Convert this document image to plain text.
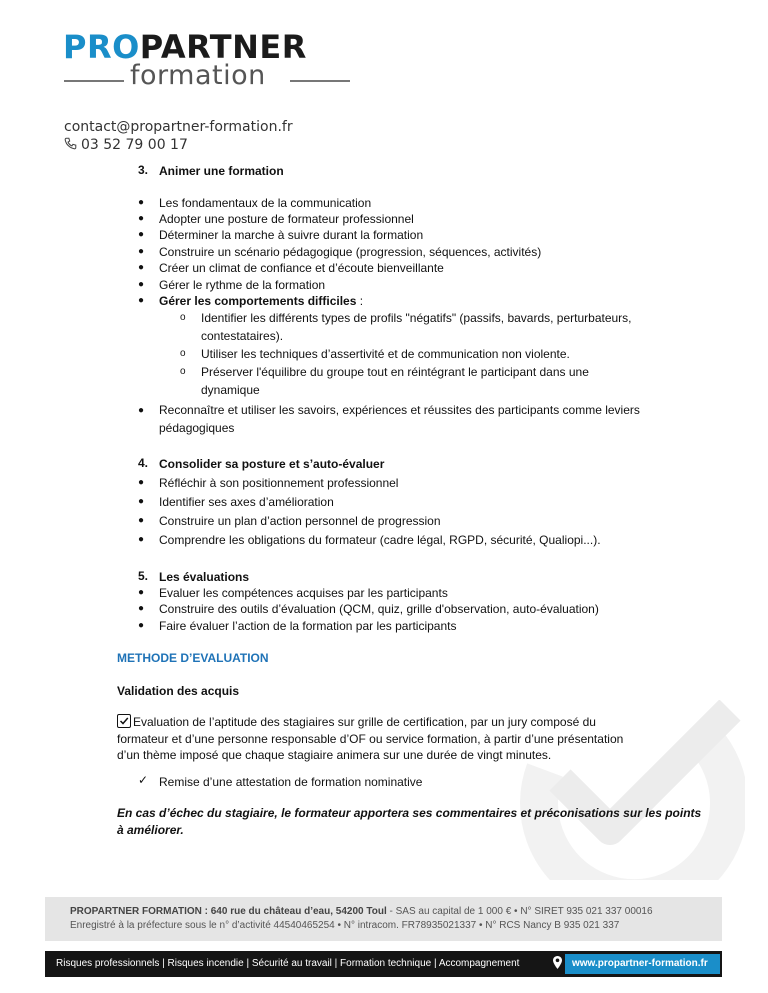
PROPARTNER
formation
contact@propartner-formation.fr
03 52 79 00 17
3. Animer une formation
● Les fondamentaux de la communication
● Adopter une posture de formateur professionnel
● Déterminer la marche à suivre durant la formation
● Construire un scénario pédagogique (progression, séquences, activités)
● Créer un climat de confiance et d’écoute bienveillante
● Gérer le rythme de la formation
● Gérer les comportements difficiles :
o Identifier les différents types de profils "négatifs" (passifs, bavards, perturbateurs,
contestataires).
o Utiliser les techniques d’assertivité et de communication non violente.
o Préserver l'équilibre du groupe tout en réintégrant le participant dans une
dynamique
● Reconnaître et utiliser les savoirs, expériences et réussites des participants comme leviers
pédagogiques
4. Consolider sa posture et s’auto-évaluer
● Réfléchir à son positionnement professionnel
● Identifier ses axes d’amélioration
● Construire un plan d’action personnel de progression
● Comprendre les obligations du formateur (cadre légal, RGPD, sécurité, Qualiopi...).
5. Les évaluations
● Evaluer les compétences acquises par les participants
● Construire des outils d’évaluation (QCM, quiz, grille d'observation, auto-évaluation)
● Faire évaluer l’action de la formation par les participants
METHODE D’EVALUATION
Validation des acquis
Evaluation de l’aptitude des stagiaires sur grille de certification, par un jury composé du
formateur et d’une personne responsable d’OF ou service formation, à partir d’une présentation
d’un thème imposé que chaque stagiaire animera sur une durée de vingt minutes.
✓ Remise d’une attestation de formation nominative
En cas d’échec du stagiaire, le formateur apportera ses commentaires et préconisations sur les points
à améliorer.
PROPARTNER FORMATION : 640 rue du château d’eau, 54200 Toul - SAS au capital de 1 000 € • N° SIRET 935 021 337 00016
Enregistré à la préfecture sous le n° d’activité 44540465254 • N° intracom. FR78935021337 • N° RCS Nancy B 935 021 337
Risques professionnels | Risques incendie | Sécurité au travail | Formation technique | Accompagnement	www.propartner-formation.fr
